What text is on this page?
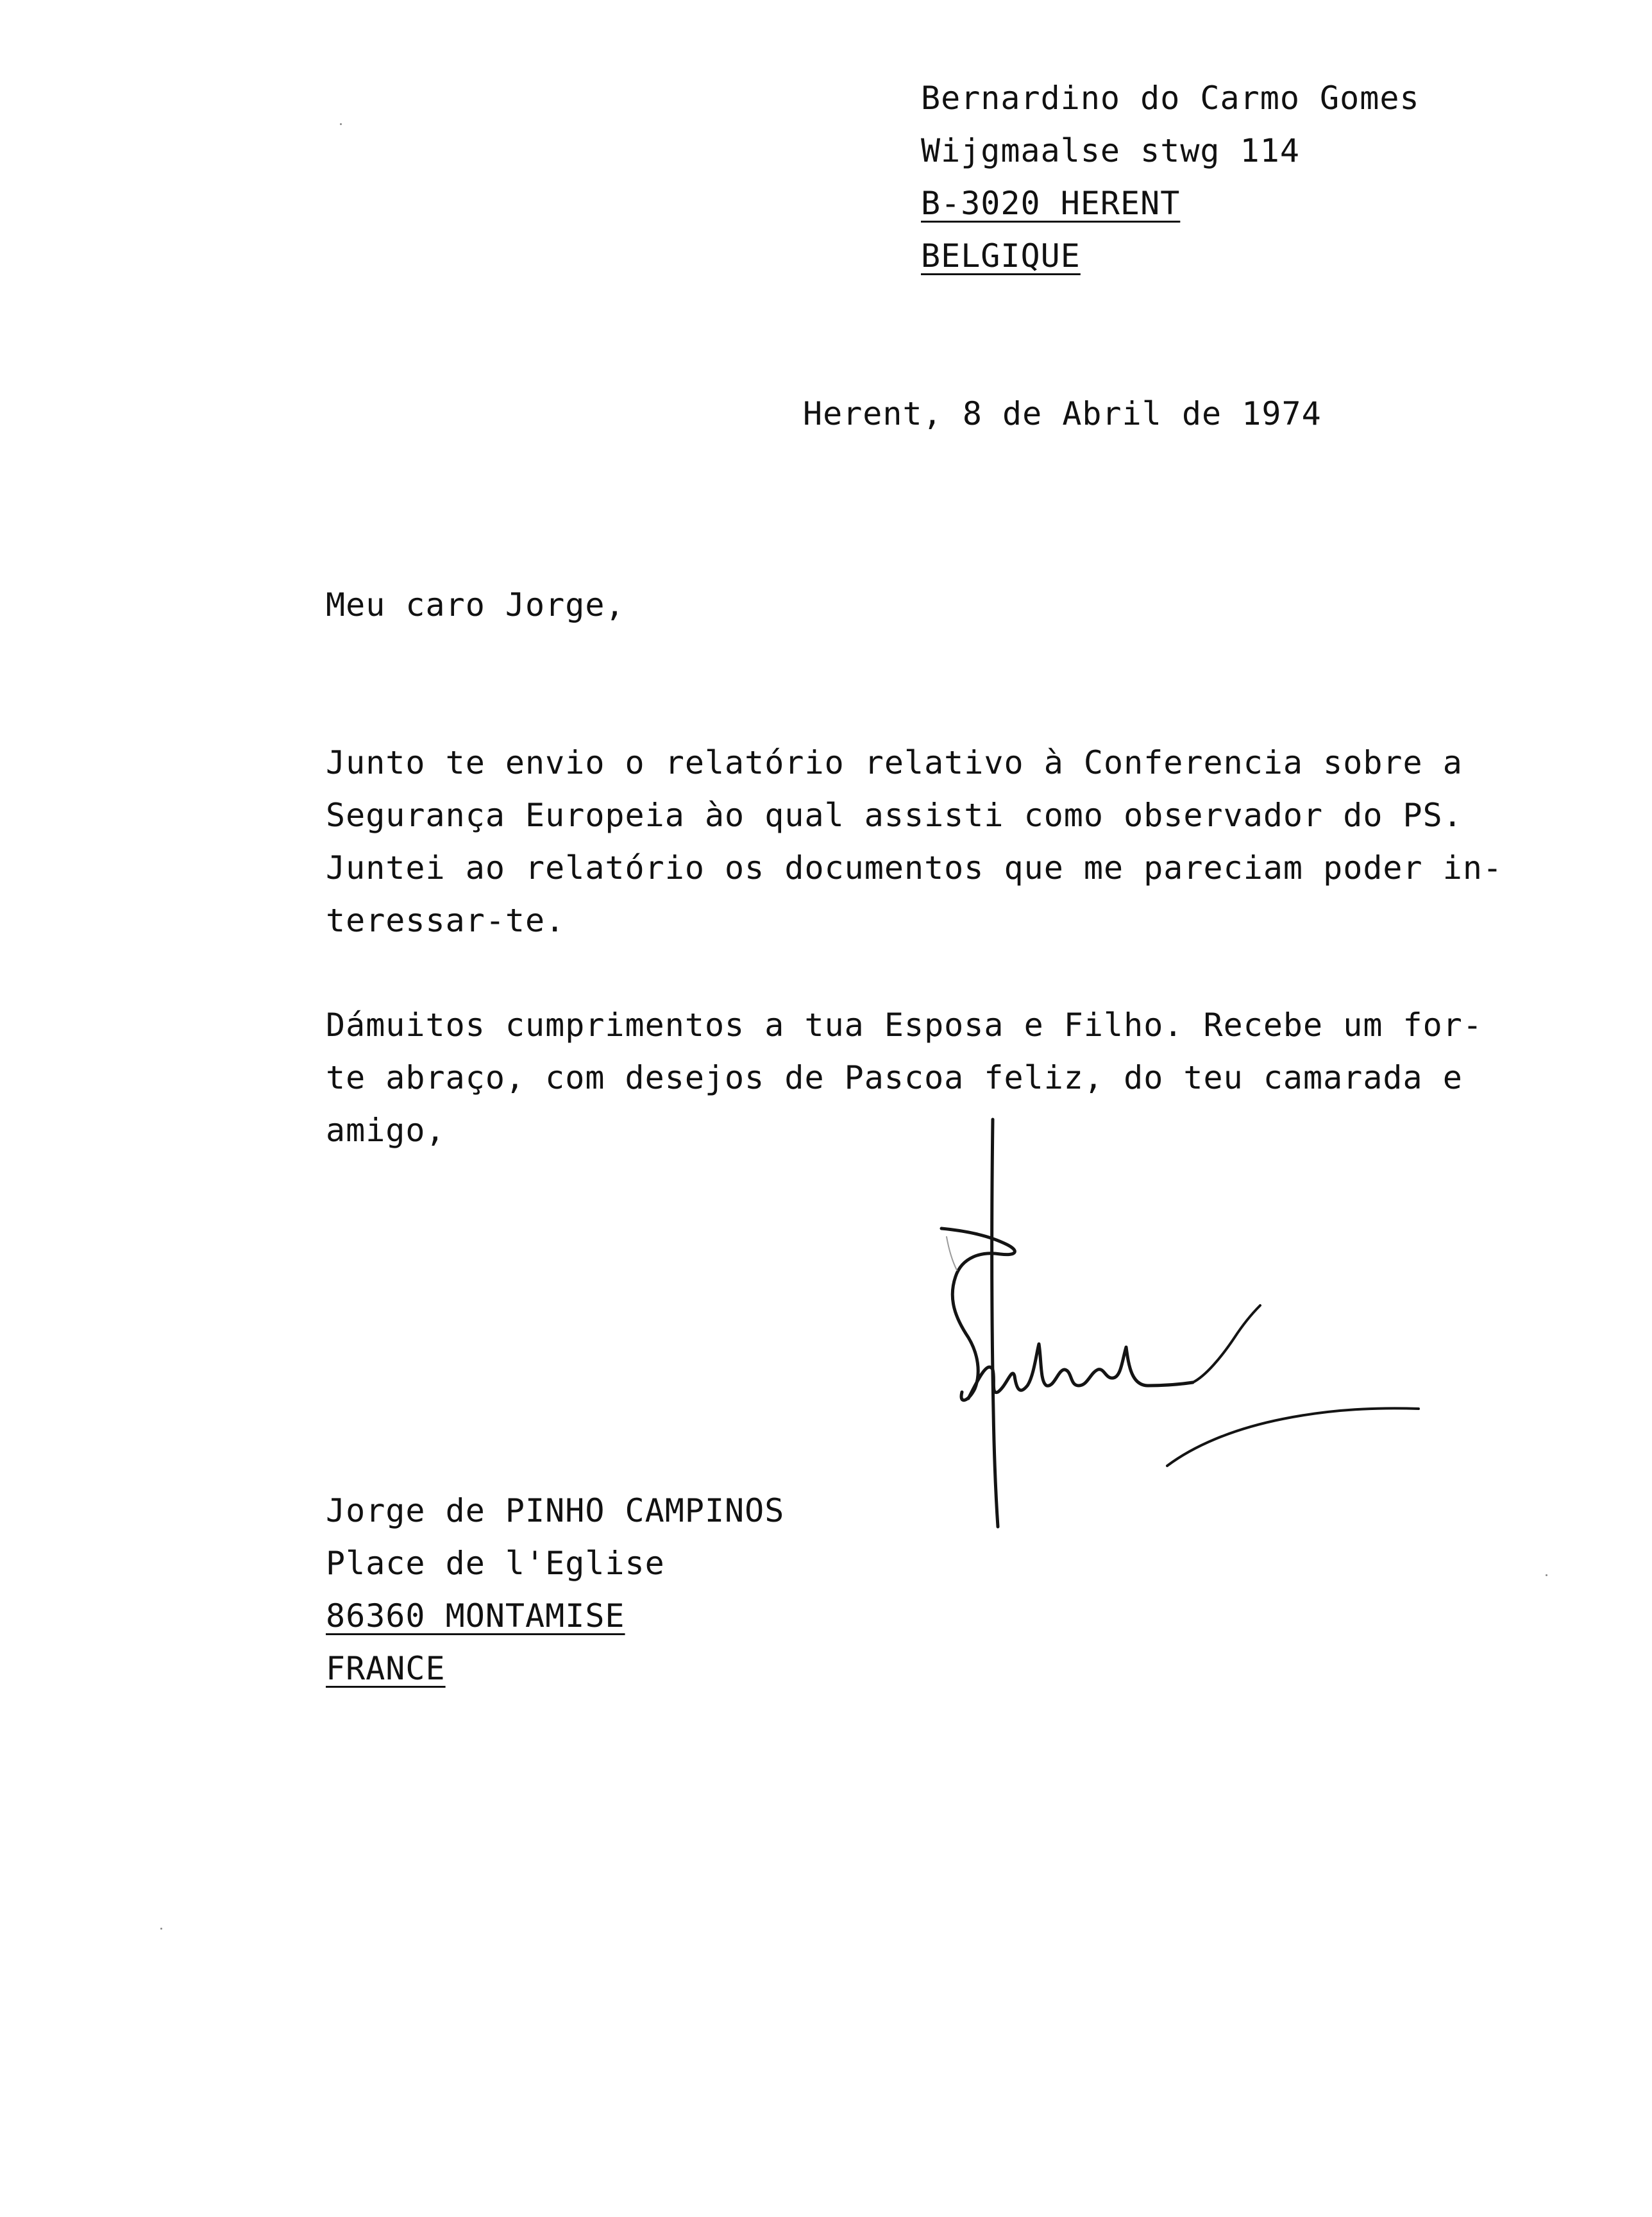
Bernardino do Carmo Gomes
Wijgmaalse stwg 114
B-3020 HERENT
BELGIQUE
Herent, 8 de Abril de 1974
Meu caro Jorge,
Junto te envio o relatório relativo à Conferencia sobre a
Segurança Europeia ào qual assisti como observador do PS.
Juntei ao relatório os documentos que me pareciam poder in-
teressar-te.
Dámuitos cumprimentos a tua Esposa e Filho. Recebe um for-
te abraço, com desejos de Pascoa feliz, do teu camarada e
amigo,
Jorge de PINHO CAMPINOS
Place de l'Eglise
86360 MONTAMISE
FRANCE
